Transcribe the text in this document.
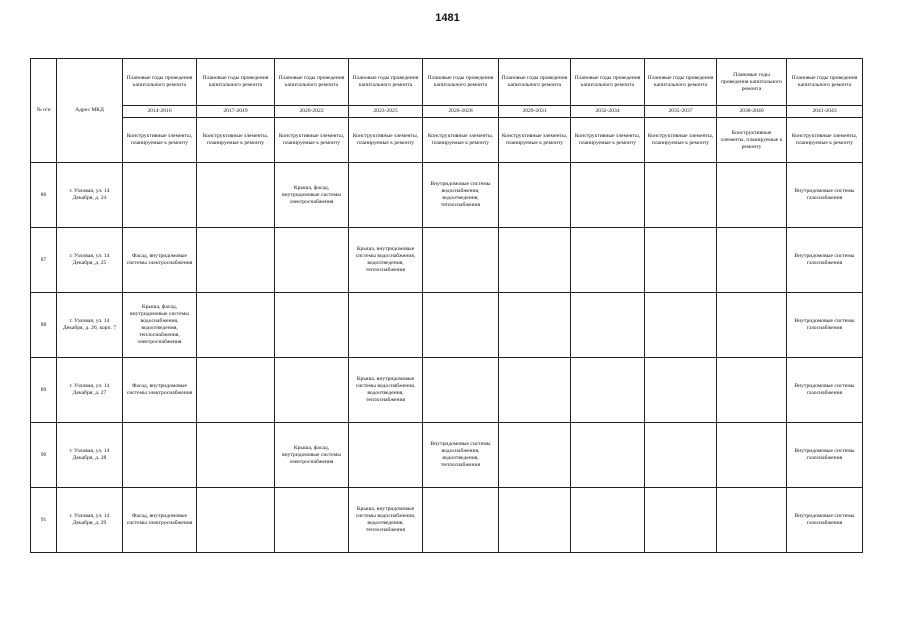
1481
№ п/п	Адрес МКД	Плановые годы проведения капитального ремонта	Плановые годы проведения капитального ремонта	Плановые годы проведения капитального ремонта	Плановые годы проведения капитального ремонта	Плановые годы проведения капитального ремонта	Плановые годы проведения капитального ремонта	Плановые годы проведения капитального ремонта	Плановые годы проведения капитального ремонта	Плановые годы проведения капитального ремонта	Плановые годы проведения капитального ремонта
		2014-2016	2017-2019	2020-2022	2023-2025	2026-2028	2029-2031	2032-2034	2035-2037	2038-2040	2041-2043
		Конструктивные элементы, планируемые к ремонту	Конструктивные элементы, планируемые к ремонту	Конструктивные элементы, планируемые к ремонту	Конструктивные элементы, планируемые к ремонту	Конструктивные элементы, планируемые к ремонту	Конструктивные элементы, планируемые к ремонту	Конструктивные элементы, планируемые к ремонту	Конструктивные элементы, планируемые к ремонту	Конструктивные элементы, планируемые к ремонту	Конструктивные элементы, планируемые к ремонту
86	г. Узловая, ул. 14 Декабря, д. 24			Крыша, фасад, внутридомовые системы электроснабжения		Внутридомовые системы водоснабжения, водоотведения, теплоснабжения					Внутридомовые системы газоснабжения
87	г. Узловая, ул. 14 Декабря, д. 25	Фасад, внутридомовые системы электроснабжения			Крыша, внутридомовые системы водоснабжения, водоотведения, теплоснабжения						Внутридомовые системы газоснабжения
88	г. Узловая, ул. 14 Декабря, д. 26, корп. 7	Крыша, фасад, внутридомовые системы водоснабжения, водоотведения, теплоснабжения, электроснабжения									Внутридомовые системы газоснабжения
89	г. Узловая, ул. 14 Декабря, д. 27	Фасад, внутридомовые системы электроснабжения			Крыша, внутридомовые системы водоснабжения, водоотведения, теплоснабжения						Внутридомовые системы газоснабжения
90	г. Узловая, ул. 14 Декабря, д. 28			Крыша, фасад, внутридомовые системы электроснабжения		Внутридомовые системы водоснабжения, водоотведения, теплоснабжения					Внутридомовые системы газоснабжения
91	г. Узловая, ул. 14 Декабря, д. 29	Фасад, внутридомовые системы электроснабжения			Крыша, внутридомовые системы водоснабжения, водоотведения, теплоснабжения						Внутридомовые системы газоснабжения
